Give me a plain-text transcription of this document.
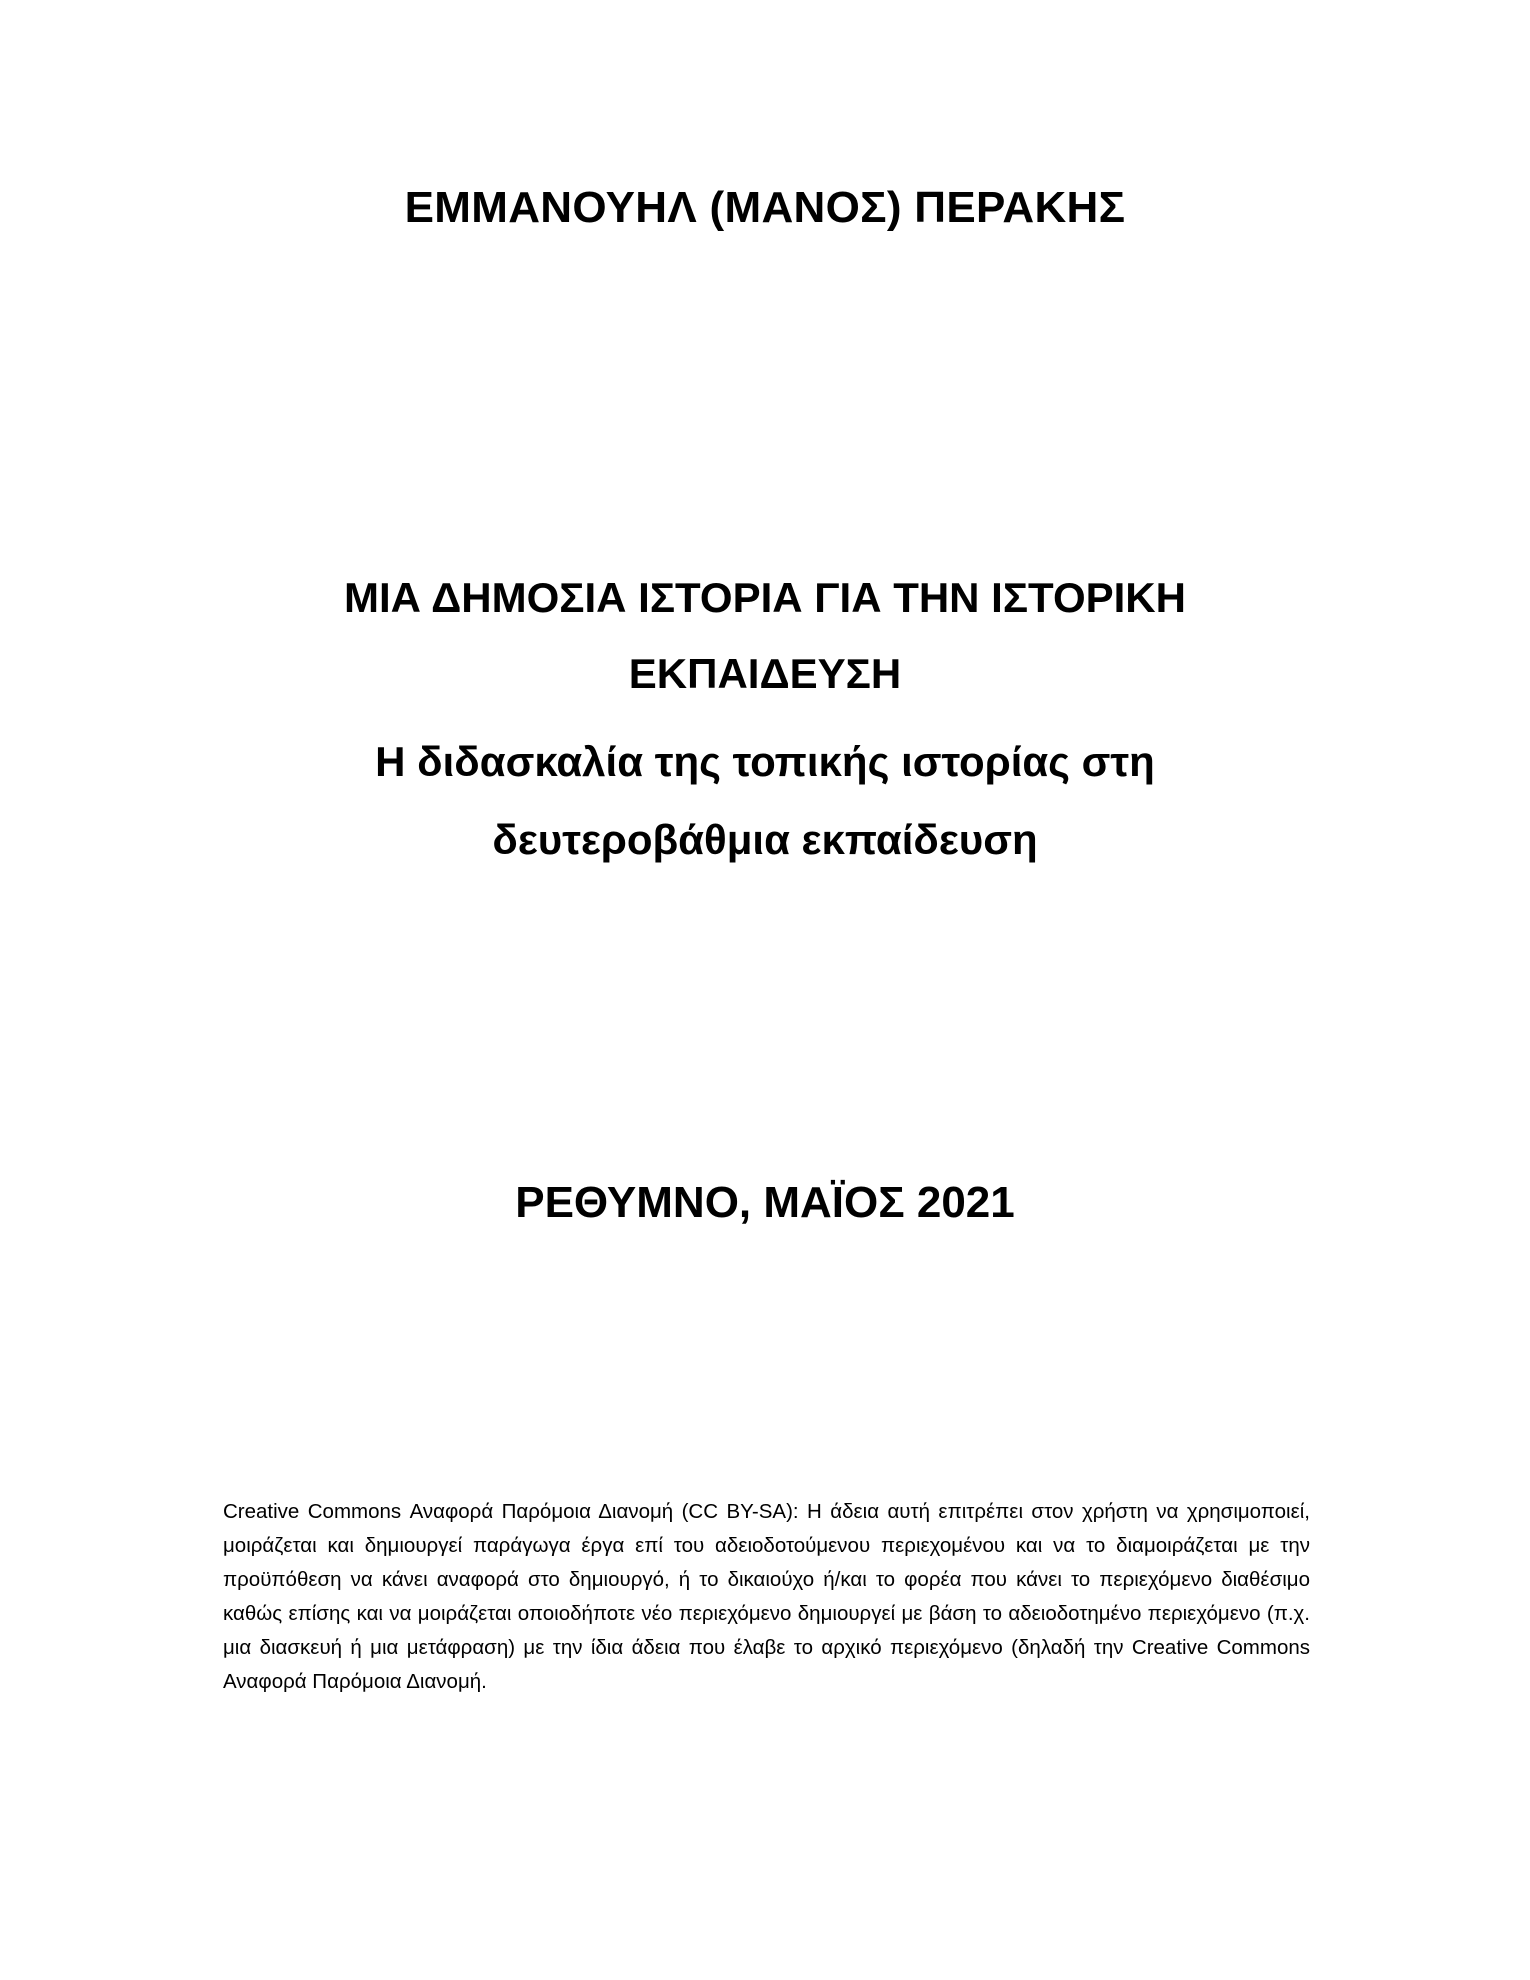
ΕΜΜΑΝΟΥΗΛ (ΜΑΝΟΣ) ΠΕΡΑΚΗΣ
ΜΙΑ ΔΗΜΟΣΙΑ ΙΣΤΟΡΙΑ ΓΙΑ ΤΗΝ ΙΣΤΟΡΙΚΗ
ΕΚΠΑΙΔΕΥΣΗ
Η διδασκαλία της τοπικής ιστορίας στη
δευτεροβάθμια εκπαίδευση
ΡΕΘΥΜΝΟ, ΜΑΪΟΣ 2021
Creative Commons Αναφορά Παρόμοια Διανομή (CC BY-SA): Η άδεια αυτή επιτρέπει στον χρήστη να χρησιμοποιεί, μοιράζεται και δημιουργεί παράγωγα έργα επί του αδειοδοτούμενου περιεχομένου και να το διαμοιράζεται με την προϋπόθεση να κάνει αναφορά στο δημιουργό, ή το δικαιούχο ή/και το φορέα που κάνει το περιεχόμενο διαθέσιμο καθώς επίσης και να μοιράζεται οποιοδήποτε νέο περιεχόμενο δημιουργεί με βάση το αδειοδοτημένο περιεχόμενο (π.χ. μια διασκευή ή μια μετάφραση) με την ίδια άδεια που έλαβε το αρχικό περιεχόμενο (δηλαδή την Creative Commons Αναφορά Παρόμοια Διανομή.
